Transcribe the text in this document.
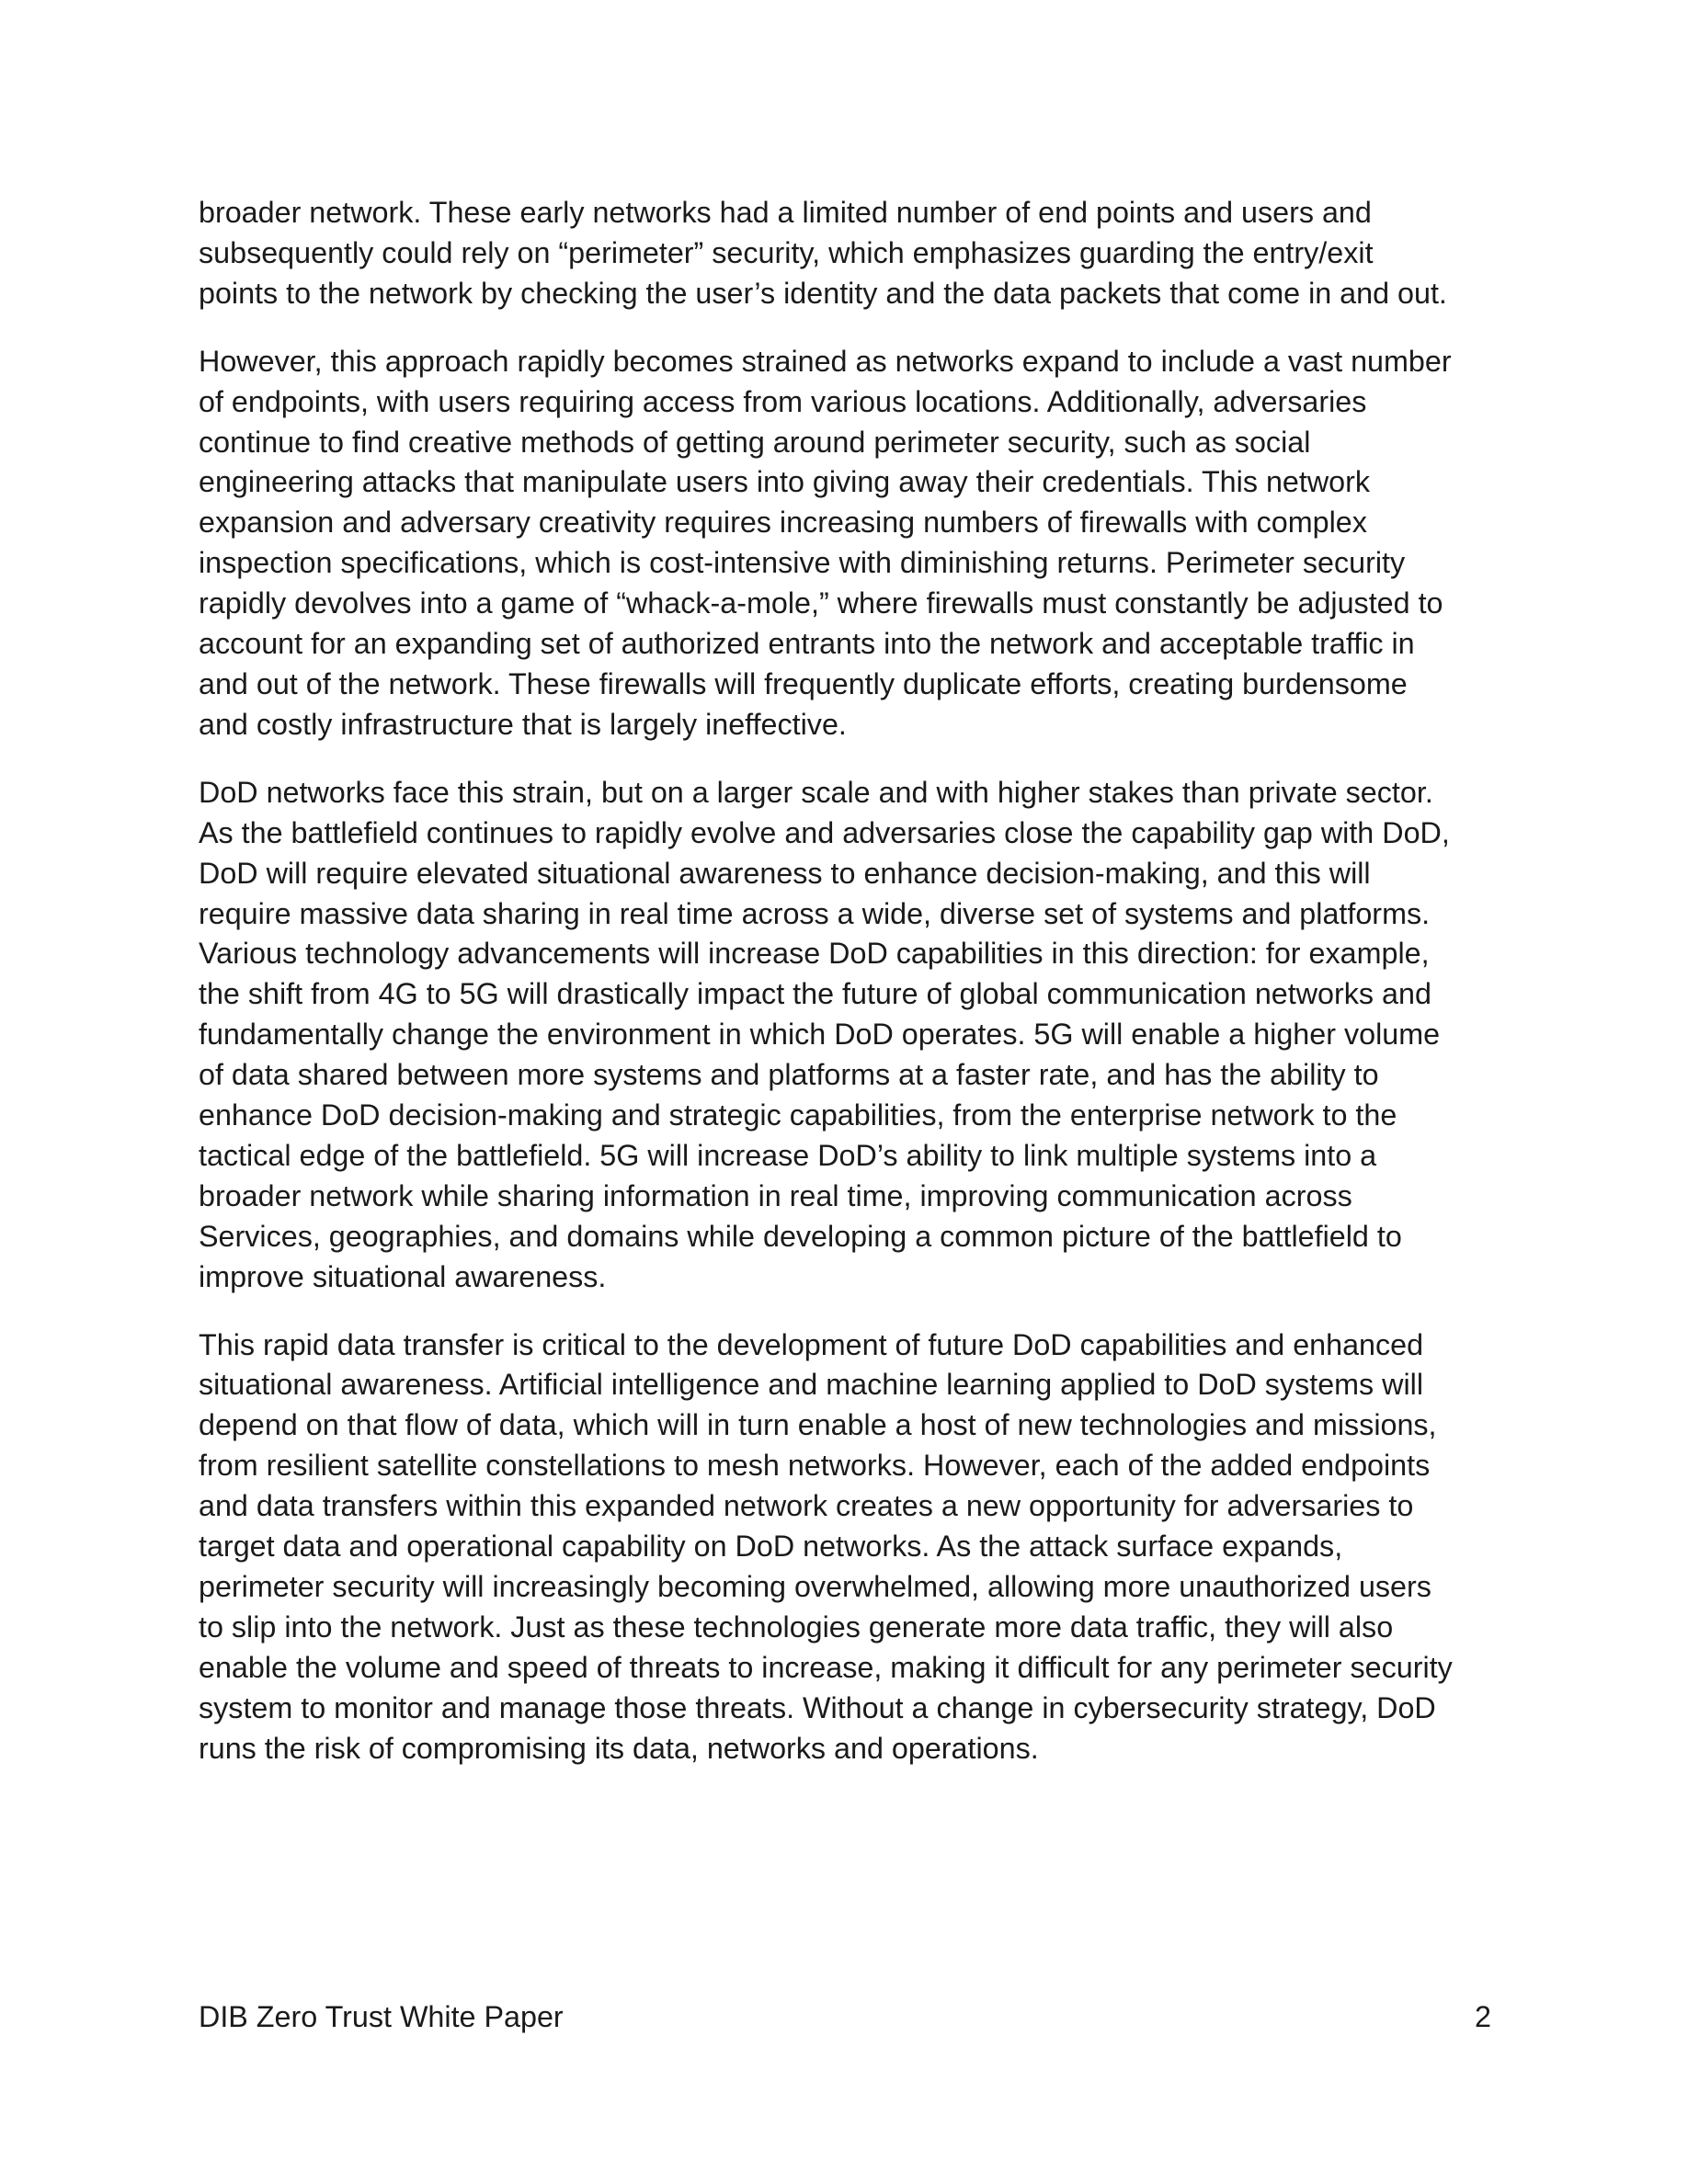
broader network. These early networks had a limited number of end points and users and
subsequently could rely on “perimeter” security, which emphasizes guarding the entry/exit
points to the network by checking the user’s identity and the data packets that come in and out.

However, this approach rapidly becomes strained as networks expand to include a vast number
of endpoints, with users requiring access from various locations. Additionally, adversaries
continue to find creative methods of getting around perimeter security, such as social
engineering attacks that manipulate users into giving away their credentials. This network
expansion and adversary creativity requires increasing numbers of firewalls with complex
inspection specifications, which is cost-intensive with diminishing returns. Perimeter security
rapidly devolves into a game of “whack-a-mole,” where firewalls must constantly be adjusted to
account for an expanding set of authorized entrants into the network and acceptable traffic in
and out of the network. These firewalls will frequently duplicate efforts, creating burdensome
and costly infrastructure that is largely ineffective.

DoD networks face this strain, but on a larger scale and with higher stakes than private sector.
As the battlefield continues to rapidly evolve and adversaries close the capability gap with DoD,
DoD will require elevated situational awareness to enhance decision-making, and this will
require massive data sharing in real time across a wide, diverse set of systems and platforms.
Various technology advancements will increase DoD capabilities in this direction: for example,
the shift from 4G to 5G will drastically impact the future of global communication networks and
fundamentally change the environment in which DoD operates. 5G will enable a higher volume
of data shared between more systems and platforms at a faster rate, and has the ability to
enhance DoD decision-making and strategic capabilities, from the enterprise network to the
tactical edge of the battlefield. 5G will increase DoD’s ability to link multiple systems into a
broader network while sharing information in real time, improving communication across
Services, geographies, and domains while developing a common picture of the battlefield to
improve situational awareness.

This rapid data transfer is critical to the development of future DoD capabilities and enhanced
situational awareness. Artificial intelligence and machine learning applied to DoD systems will
depend on that flow of data, which will in turn enable a host of new technologies and missions,
from resilient satellite constellations to mesh networks. However, each of the added endpoints
and data transfers within this expanded network creates a new opportunity for adversaries to
target data and operational capability on DoD networks. As the attack surface expands,
perimeter security will increasingly becoming overwhelmed, allowing more unauthorized users
to slip into the network. Just as these technologies generate more data traffic, they will also
enable the volume and speed of threats to increase, making it difficult for any perimeter security
system to monitor and manage those threats. Without a change in cybersecurity strategy, DoD
runs the risk of compromising its data, networks and operations.

DIB Zero Trust White Paper	2
